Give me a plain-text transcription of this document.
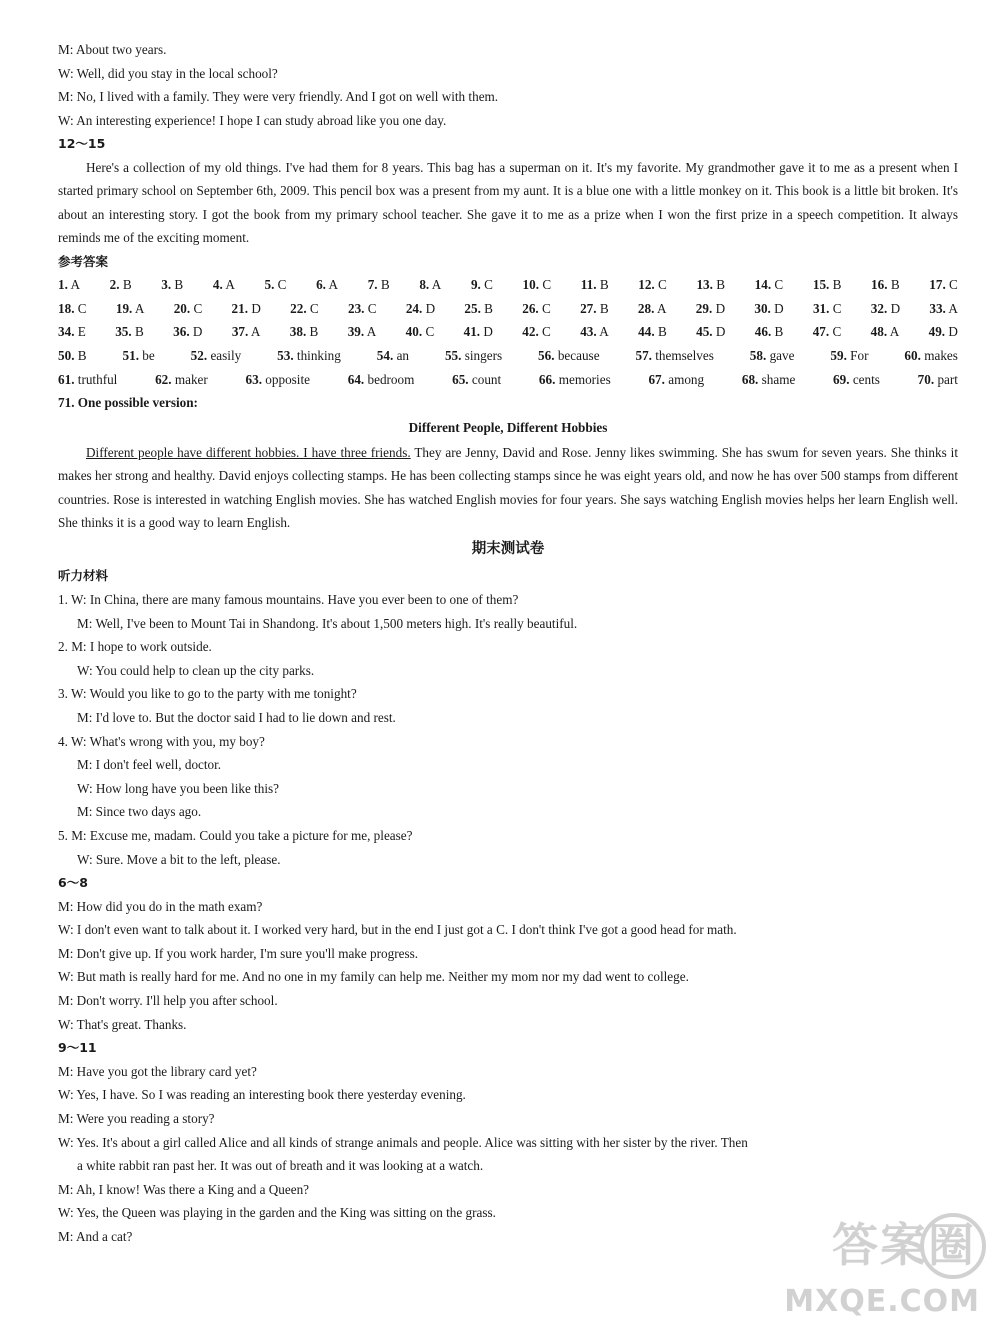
M: About two years.
W: Well, did you stay in the local school?
M: No, I lived with a family. They were very friendly. And I got on well with them.
W: An interesting experience! I hope I can study abroad like you one day.
12～15

Here's a collection of my old things. I've had them for 8 years. This bag has a superman on it. It's my favorite. My grandmother gave it to me as a present when I started primary school on September 6th, 2009. This pencil box was a present from my aunt. It is a blue one with a little monkey on it. This book is a little bit broken. It's about an interesting story. I got the book from my primary school teacher. She gave it to me as a prize when I won the first prize in a speech competition. It always reminds me of the exciting moment.

参考答案
1. A 2. B 3. B 4. A 5. C 6. A 7. B 8. A 9. C 10. C 11. B 12. C 13. B 14. C 15. B 16. B 17. C
18. C 19. A 20. C 21. D 22. C 23. C 24. D 25. B 26. C 27. B 28. A 29. D 30. D 31. C 32. D 33. A
34. E 35. B 36. D 37. A 38. B 39. A 40. C 41. D 42. C 43. A 44. B 45. D 46. B 47. C 48. A 49. D
50. B	51. be	52. easily	53. thinking	54. an	55. singers	56. because	57. themselves	58. gave	59. For	60. makes
61. truthful	62. maker	63. opposite	64. bedroom	65. count	66. memories	67. among	68. shame	69. cents	70. part
71. One possible version:
Different People, Different Hobbies

Different people have different hobbies. I have three friends. They are Jenny, David and Rose. Jenny likes swimming. She has swum for seven years. She thinks it makes her strong and healthy. David enjoys collecting stamps. He has been collecting stamps since he was eight years old, and now he has over 500 stamps from different countries. Rose is interested in watching English movies. She has watched English movies for four years. She says watching English movies helps her learn English well. She thinks it is a good way to learn English.

期末测试卷
听力材料
1. W: In China, there are many famous mountains. Have you ever been to one of them?
M: Well, I've been to Mount Tai in Shandong. It's about 1,500 meters high. It's really beautiful.
2. M: I hope to work outside.
W: You could help to clean up the city parks.
3. W: Would you like to go to the party with me tonight?
M: I'd love to. But the doctor said I had to lie down and rest.
4. W: What's wrong with you, my boy?
M: I don't feel well, doctor.
W: How long have you been like this?
M: Since two days ago.
5. M: Excuse me, madam. Could you take a picture for me, please?
W: Sure. Move a bit to the left, please.
6～8
M: How did you do in the math exam?
W: I don't even want to talk about it. I worked very hard, but in the end I just got a C. I don't think I've got a good head for math.
M: Don't give up. If you work harder, I'm sure you'll make progress.
W: But math is really hard for me. And no one in my family can help me. Neither my mom nor my dad went to college.
M: Don't worry. I'll help you after school.
W: That's great. Thanks.
9～11
M: Have you got the library card yet?
W: Yes, I have. So I was reading an interesting book there yesterday evening.
M: Were you reading a story?
W: Yes. It's about a girl called Alice and all kinds of strange animals and people. Alice was sitting with her sister by the river. Then
a white rabbit ran past her. It was out of breath and it was looking at a watch.
M: Ah, I know! Was there a King and a Queen?
W: Yes, the Queen was playing in the garden and the King was sitting on the grass.
M: And a cat?	答案圈
MXQE.COM
